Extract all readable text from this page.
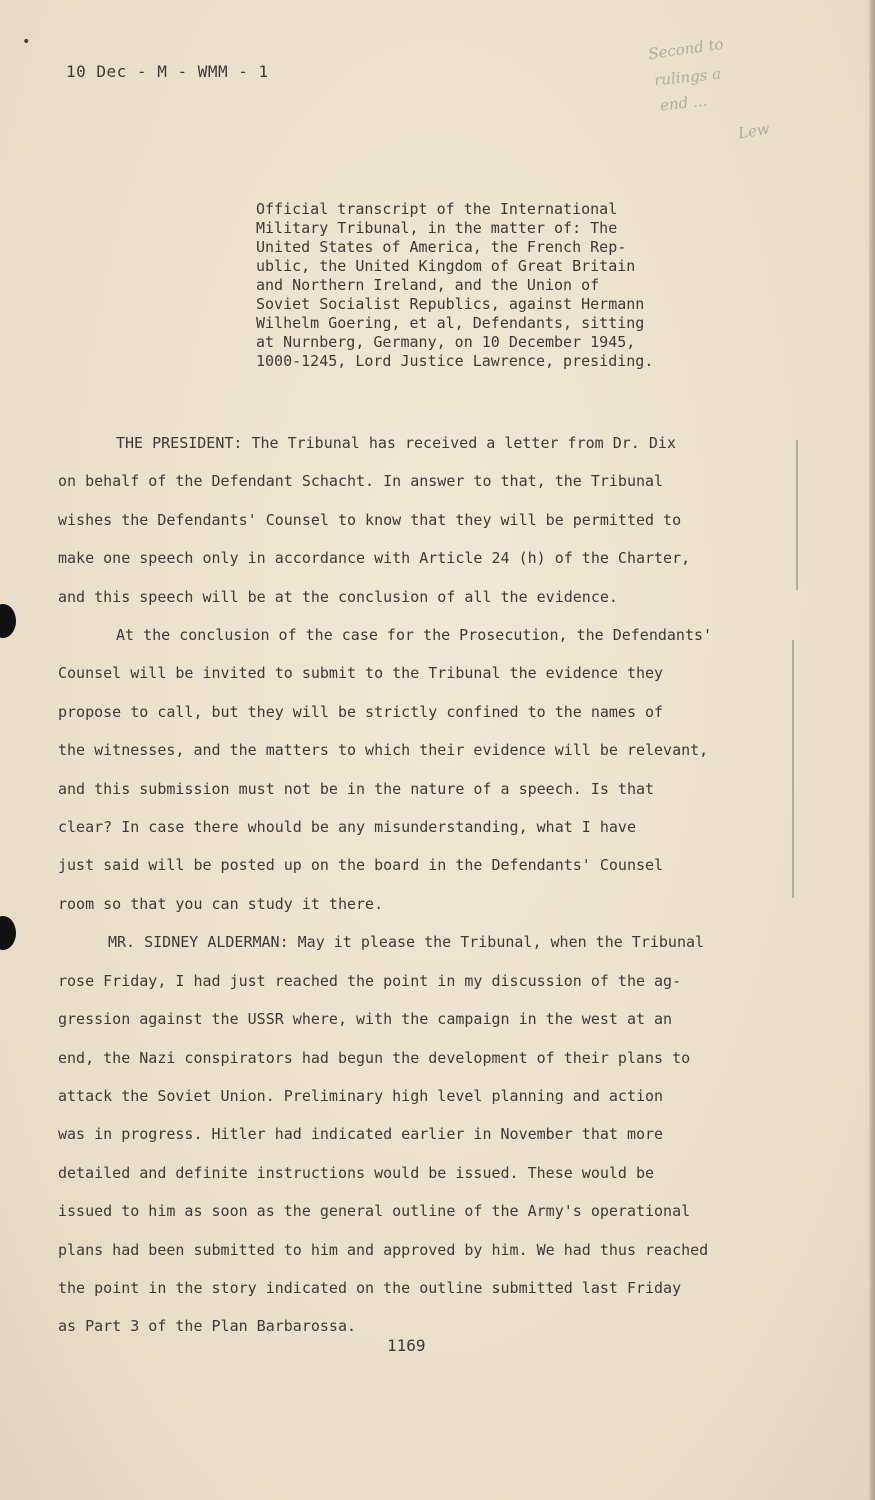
•
10 Dec - M - WMM - 1
Second to
rulings a
end ...
Lew
Official transcript of the International
Military Tribunal, in the matter of: The
United States of America, the French Rep-
ublic, the United Kingdom of Great Britain
and Northern Ireland, and the Union of
Soviet Socialist Republics, against Hermann
Wilhelm Goering, et al, Defendants, sitting
at Nurnberg, Germany, on 10 December 1945,
1000-1245, Lord Justice Lawrence, presiding.
THE PRESIDENT: The Tribunal has received a letter from Dr. Dix
on behalf of the Defendant Schacht. In answer to that, the Tribunal
wishes the Defendants' Counsel to know that they will be permitted to
make one speech only in accordance with Article 24 (h) of the Charter,
and this speech will be at the conclusion of all the evidence.
At the conclusion of the case for the Prosecution, the Defendants'
Counsel will be invited to submit to the Tribunal the evidence they
propose to call, but they will be strictly confined to the names of
the witnesses, and the matters to which their evidence will be relevant,
and this submission must not be in the nature of a speech. Is that
clear? In case there whould be any misunderstanding, what I have
just said will be posted up on the board in the Defendants' Counsel
room so that you can study it there.
MR. SIDNEY ALDERMAN: May it please the Tribunal, when the Tribunal
rose Friday, I had just reached the point in my discussion of the ag-
gression against the USSR where, with the campaign in the west at an
end, the Nazi conspirators had begun the development of their plans to
attack the Soviet Union. Preliminary high level planning and action
was in progress. Hitler had indicated earlier in November that more
detailed and definite instructions would be issued. These would be
issued to him as soon as the general outline of the Army's operational
plans had been submitted to him and approved by him. We had thus reached
the point in the story indicated on the outline submitted last Friday
as Part 3 of the Plan Barbarossa.
1169
